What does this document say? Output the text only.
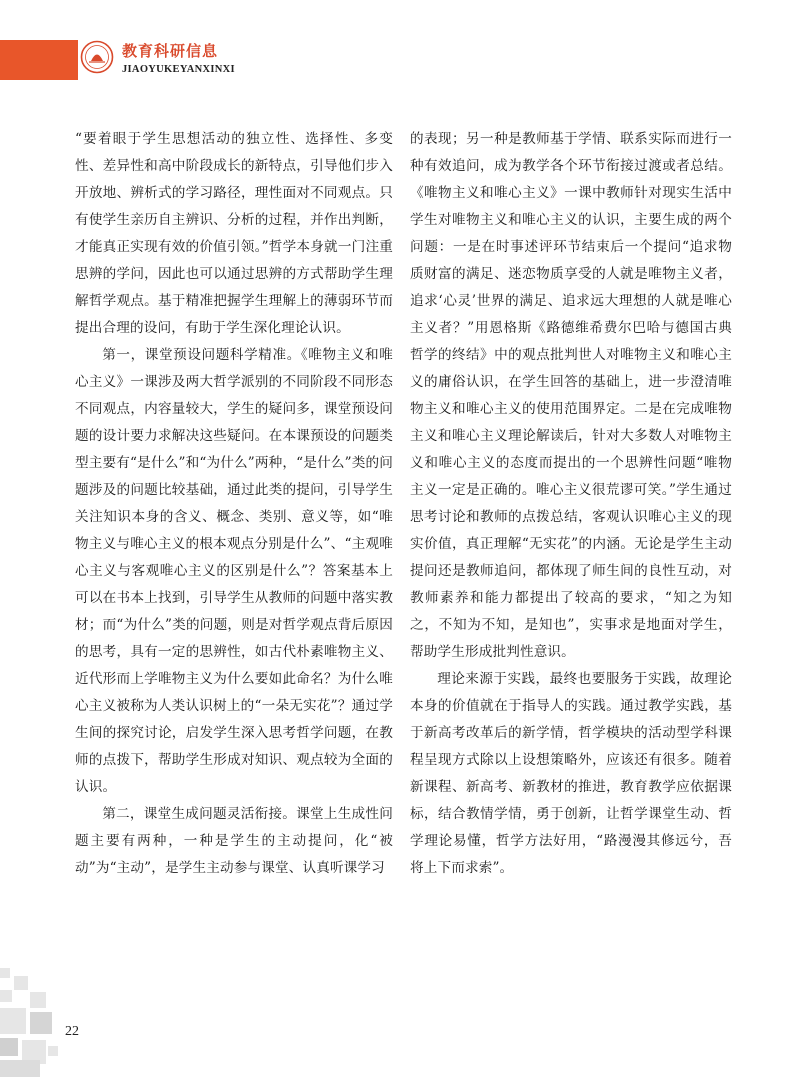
教育科研信息
JIAOYUKEYANXINXI

“要着眼于学生思想活动的独立性、选择性、多变性、差异性和高中阶段成长的新特点，引导他们步入开放地、辨析式的学习路径，理性面对不同观点。只有使学生亲历自主辨识、分析的过程，并作出判断，才能真正实现有效的价值引领。”哲学本身就一门注重思辨的学问，因此也可以通过思辨的方式帮助学生理解哲学观点。基于精准把握学生理解上的薄弱环节而提出合理的设问，有助于学生深化理论认识。

第一，课堂预设问题科学精准。《唯物主义和唯心主义》一课涉及两大哲学派别的不同阶段不同形态不同观点，内容量较大，学生的疑问多，课堂预设问题的设计要力求解决这些疑问。在本课预设的问题类型主要有“是什么”和“为什么”两种，“是什么”类的问题涉及的问题比较基础，通过此类的提问，引导学生关注知识本身的含义、概念、类别、意义等，如“唯物主义与唯心主义的根本观点分别是什么”、“主观唯心主义与客观唯心主义的区别是什么”？答案基本上可以在书本上找到，引导学生从教师的问题中落实教材；而“为什么”类的问题，则是对哲学观点背后原因的思考，具有一定的思辨性，如古代朴素唯物主义、近代形而上学唯物主义为什么要如此命名？为什么唯心主义被称为人类认识树上的“一朵无实花”？通过学生间的探究讨论，启发学生深入思考哲学问题，在教师的点拨下，帮助学生形成对知识、观点较为全面的认识。

第二，课堂生成问题灵活衔接。课堂上生成性问题主要有两种，一种是学生的主动提问，化“被动”为“主动”，是学生主动参与课堂、认真听课学习

的表现；另一种是教师基于学情、联系实际而进行一种有效追问，成为教学各个环节衔接过渡或者总结。《唯物主义和唯心主义》一课中教师针对现实生活中学生对唯物主义和唯心主义的认识，主要生成的两个问题：一是在时事述评环节结束后一个提问“追求物质财富的满足、迷恋物质享受的人就是唯物主义者，追求‘心灵’世界的满足、追求远大理想的人就是唯心主义者？”用恩格斯《路德维希费尔巴哈与德国古典哲学的终结》中的观点批判世人对唯物主义和唯心主义的庸俗认识，在学生回答的基础上，进一步澄清唯物主义和唯心主义的使用范围界定。二是在完成唯物主义和唯心主义理论解读后，针对大多数人对唯物主义和唯心主义的态度而提出的一个思辨性问题“唯物主义一定是正确的。唯心主义很荒谬可笑。”学生通过思考讨论和教师的点拨总结，客观认识唯心主义的现实价值，真正理解“无实花”的内涵。无论是学生主动提问还是教师追问，都体现了师生间的良性互动，对教师素养和能力都提出了较高的要求，“知之为知之，不知为不知，是知也”，实事求是地面对学生，帮助学生形成批判性意识。

理论来源于实践，最终也要服务于实践，故理论本身的价值就在于指导人的实践。通过教学实践，基于新高考改革后的新学情，哲学模块的活动型学科课程呈现方式除以上设想策略外，应该还有很多。随着新课程、新高考、新教材的推进，教育教学应依据课标，结合教情学情，勇于创新，让哲学课堂生动、哲学理论易懂，哲学方法好用，“路漫漫其修远兮，吾将上下而求索”。

22
